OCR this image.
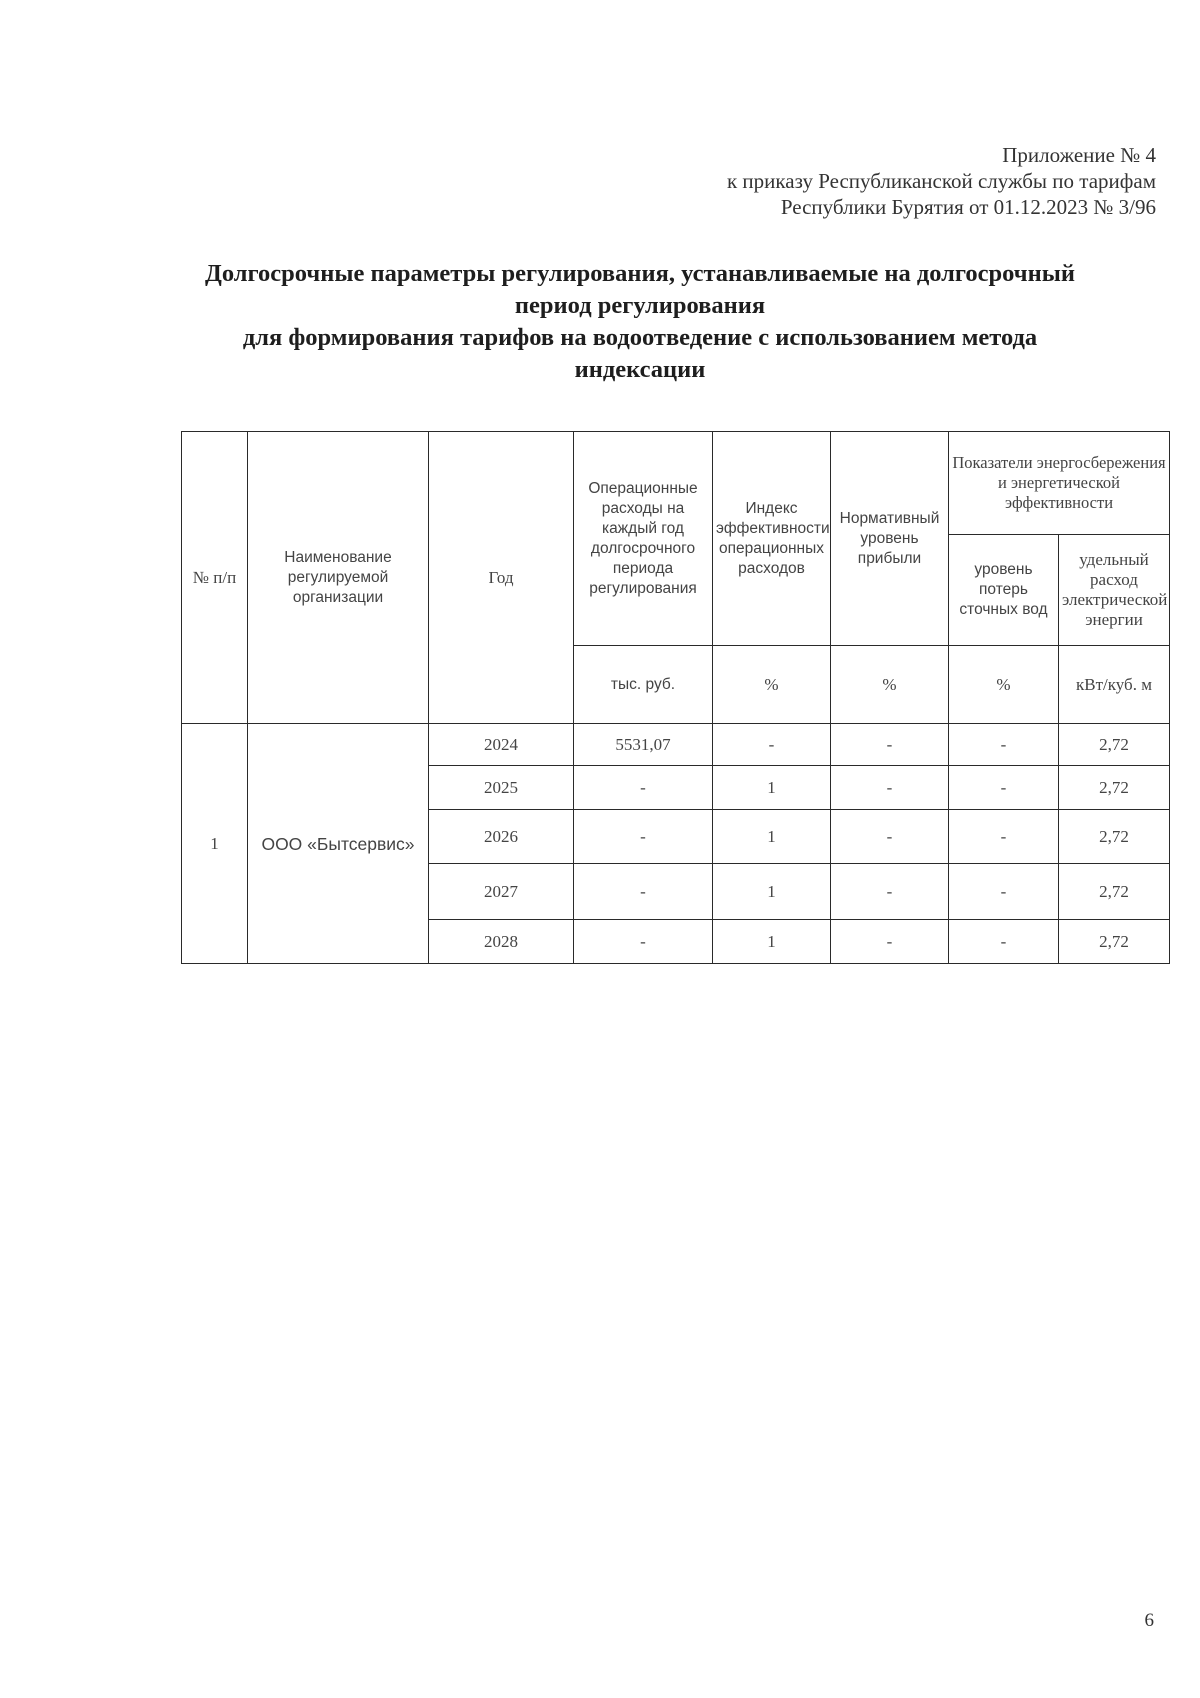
Приложение № 4
к приказу Республиканской службы по тарифам
Республики Бурятия от 01.12.2023 № 3/96
Долгосрочные параметры регулирования, устанавливаемые на долгосрочный
период регулирования
для формирования тарифов на водоотведение с использованием метода
индексации
№ п/п	Наименование регулируемой организации	Год	Операционные расходы на каждый год долгосрочного периода регулирования	Индекс эффективности операционных расходов	Нормативный уровень прибыли	Показатели энергосбережения и энергетической эффективности	
						уровень потерь сточных вод	удельный расход электрической энергии
			тыс. руб.	%	%	%	кВт/куб. м
1	ООО «Бытсервис»	2024	5531,07	-	-	-	2,72
		2025	-	1	-	-	2,72
		2026	-	1	-	-	2,72
		2027	-	1	-	-	2,72
		2028	-	1	-	-	2,72
6
